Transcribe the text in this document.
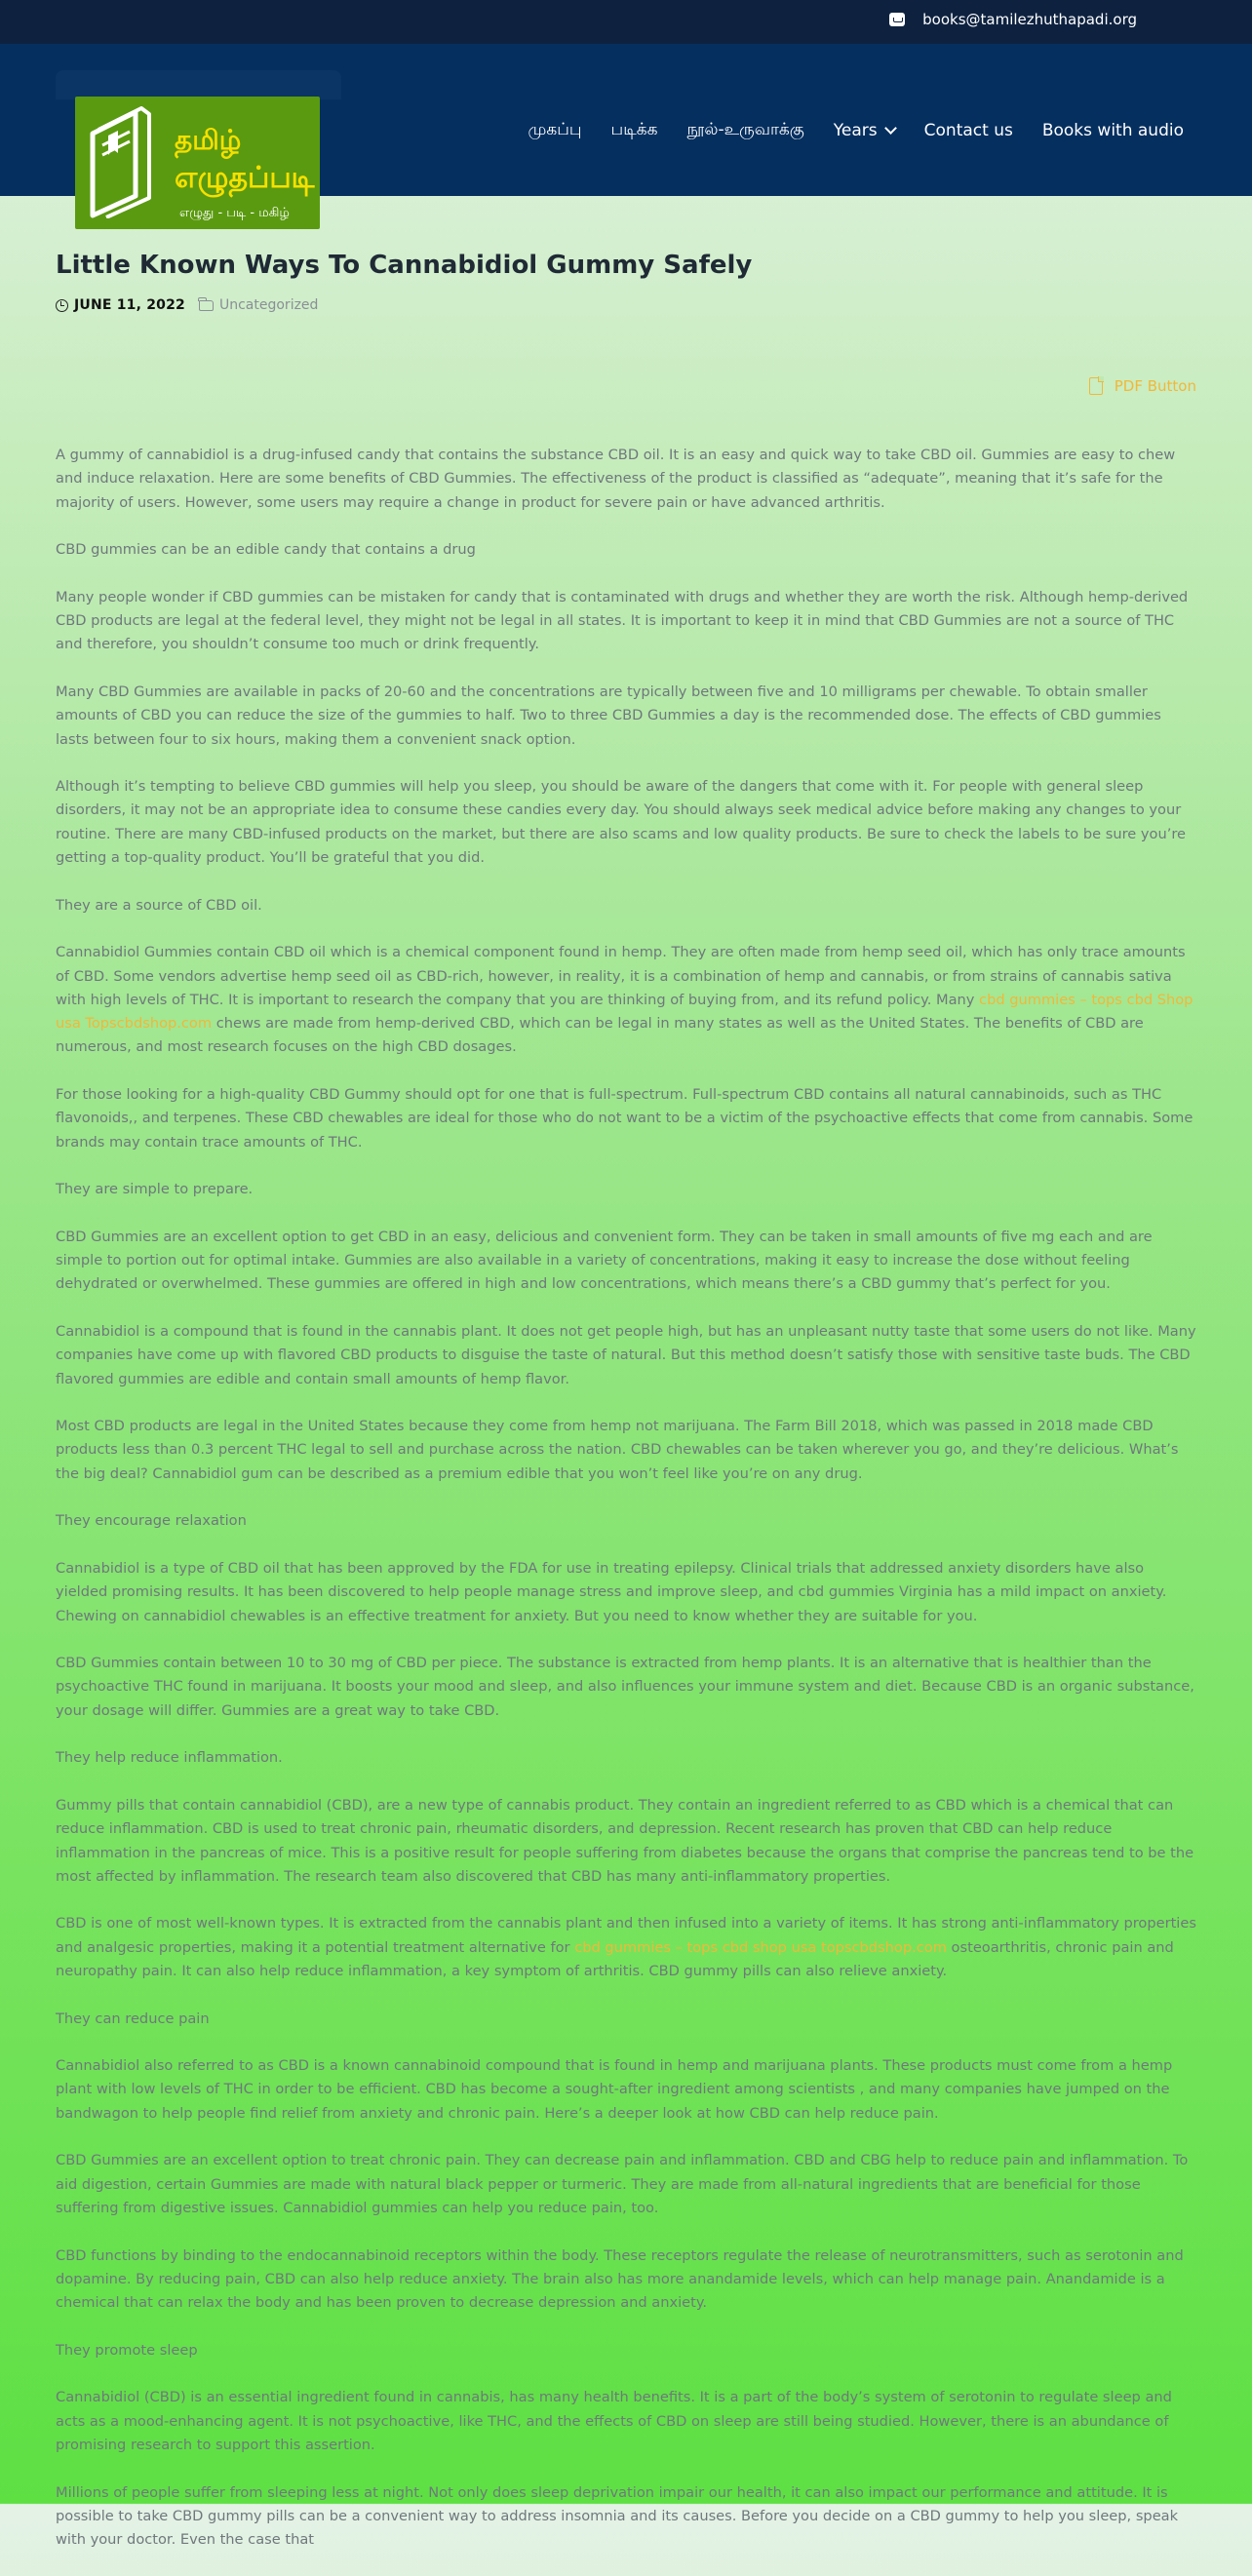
books@tamilezhuthapadi.org
தமிழ்
எழுதப்படி
எழுது - படி - மகிழ்
முகப்பு படிக்க நூல்-உருவாக்கு Years	Contact us Books with audio
Little Known Ways To Cannabidiol Gummy Safely
JUNE 11, 2022	Uncategorized
PDF Button

A gummy of cannabidiol is a drug-infused candy that contains the substance CBD oil. It is an easy and quick way to take CBD oil. Gummies are easy to chew and induce relaxation. Here are some benefits of CBD Gummies. The effectiveness of the product is classified as “adequate”, meaning that it’s safe for the majority of users. However, some users may require a change in product for severe pain or have advanced arthritis.

CBD gummies can be an edible candy that contains a drug

Many people wonder if CBD gummies can be mistaken for candy that is contaminated with drugs and whether they are worth the risk. Although hemp-derived CBD products are legal at the federal level, they might not be legal in all states. It is important to keep it in mind that CBD Gummies are not a source of THC and therefore, you shouldn’t consume too much or drink frequently.

Many CBD Gummies are available in packs of 20-60 and the concentrations are typically between five and 10 milligrams per chewable. To obtain smaller amounts of CBD you can reduce the size of the gummies to half. Two to three CBD Gummies a day is the recommended dose. The effects of CBD gummies lasts between four to six hours, making them a convenient snack option.

Although it’s tempting to believe CBD gummies will help you sleep, you should be aware of the dangers that come with it. For people with general sleep disorders, it may not be an appropriate idea to consume these candies every day. You should always seek medical advice before making any changes to your routine. There are many CBD-infused products on the market, but there are also scams and low quality products. Be sure to check the labels to be sure you’re getting a top-quality product. You’ll be grateful that you did.

They are a source of CBD oil.

Cannabidiol Gummies contain CBD oil which is a chemical component found in hemp. They are often made from hemp seed oil, which has only trace amounts of CBD. Some vendors advertise hemp seed oil as CBD-rich, however, in reality, it is a combination of hemp and cannabis, or from strains of cannabis sativa with high levels of THC. It is important to research the company that you are thinking of buying from, and its refund policy. Many cbd gummies – tops cbd Shop usa Topscbdshop.com chews are made from hemp-derived CBD, which can be legal in many states as well as the United States. The benefits of CBD are numerous, and most research focuses on the high CBD dosages.

For those looking for a high-quality CBD Gummy should opt for one that is full-spectrum. Full-spectrum CBD contains all natural cannabinoids, such as THC flavonoids,, and terpenes. These CBD chewables are ideal for those who do not want to be a victim of the psychoactive effects that come from cannabis. Some brands may contain trace amounts of THC.

They are simple to prepare.

CBD Gummies are an excellent option to get CBD in an easy, delicious and convenient form. They can be taken in small amounts of five mg each and are simple to portion out for optimal intake. Gummies are also available in a variety of concentrations, making it easy to increase the dose without feeling dehydrated or overwhelmed. These gummies are offered in high and low concentrations, which means there’s a CBD gummy that’s perfect for you.

Cannabidiol is a compound that is found in the cannabis plant. It does not get people high, but has an unpleasant nutty taste that some users do not like. Many companies have come up with flavored CBD products to disguise the taste of natural. But this method doesn’t satisfy those with sensitive taste buds. The CBD flavored gummies are edible and contain small amounts of hemp flavor.

Most CBD products are legal in the United States because they come from hemp not marijuana. The Farm Bill 2018, which was passed in 2018 made CBD products less than 0.3 percent THC legal to sell and purchase across the nation. CBD chewables can be taken wherever you go, and they’re delicious. What’s the big deal? Cannabidiol gum can be described as a premium edible that you won’t feel like you’re on any drug.

They encourage relaxation

Cannabidiol is a type of CBD oil that has been approved by the FDA for use in treating epilepsy. Clinical trials that addressed anxiety disorders have also yielded promising results. It has been discovered to help people manage stress and improve sleep, and cbd gummies Virginia has a mild impact on anxiety. Chewing on cannabidiol chewables is an effective treatment for anxiety. But you need to know whether they are suitable for you.

CBD Gummies contain between 10 to 30 mg of CBD per piece. The substance is extracted from hemp plants. It is an alternative that is healthier than the psychoactive THC found in marijuana. It boosts your mood and sleep, and also influences your immune system and diet. Because CBD is an organic substance, your dosage will differ. Gummies are a great way to take CBD.

They help reduce inflammation.

Gummy pills that contain cannabidiol (CBD), are a new type of cannabis product. They contain an ingredient referred to as CBD which is a chemical that can reduce inflammation. CBD is used to treat chronic pain, rheumatic disorders, and depression. Recent research has proven that CBD can help reduce inflammation in the pancreas of mice. This is a positive result for people suffering from diabetes because the organs that comprise the pancreas tend to be the most affected by inflammation. The research team also discovered that CBD has many anti-inflammatory properties.

CBD is one of most well-known types. It is extracted from the cannabis plant and then infused into a variety of items. It has strong anti-inflammatory properties and analgesic properties, making it a potential treatment alternative for cbd gummies – tops cbd shop usa topscbdshop.com osteoarthritis, chronic pain and neuropathy pain. It can also help reduce inflammation, a key symptom of arthritis. CBD gummy pills can also relieve anxiety.

They can reduce pain

Cannabidiol also referred to as CBD is a known cannabinoid compound that is found in hemp and marijuana plants. These products must come from a hemp plant with low levels of THC in order to be efficient. CBD has become a sought-after ingredient among scientists , and many companies have jumped on the bandwagon to help people find relief from anxiety and chronic pain. Here’s a deeper look at how CBD can help reduce pain.

CBD Gummies are an excellent option to treat chronic pain. They can decrease pain and inflammation. CBD and CBG help to reduce pain and inflammation. To aid digestion, certain Gummies are made with natural black pepper or turmeric. They are made from all-natural ingredients that are beneficial for those suffering from digestive issues. Cannabidiol gummies can help you reduce pain, too.

CBD functions by binding to the endocannabinoid receptors within the body. These receptors regulate the release of neurotransmitters, such as serotonin and dopamine. By reducing pain, CBD can also help reduce anxiety. The brain also has more anandamide levels, which can help manage pain. Anandamide is a chemical that can relax the body and has been proven to decrease depression and anxiety.

They promote sleep

Cannabidiol (CBD) is an essential ingredient found in cannabis, has many health benefits. It is a part of the body’s system of serotonin to regulate sleep and acts as a mood-enhancing agent. It is not psychoactive, like THC, and the effects of CBD on sleep are still being studied. However, there is an abundance of promising research to support this assertion.

Millions of people suffer from sleeping less at night. Not only does sleep deprivation impair our health, it can also impact our performance and attitude. It is possible to take CBD gummy pills can be a convenient way to address insomnia and its causes. Before you decide on a CBD gummy to help you sleep, speak with your doctor. Even the case that
